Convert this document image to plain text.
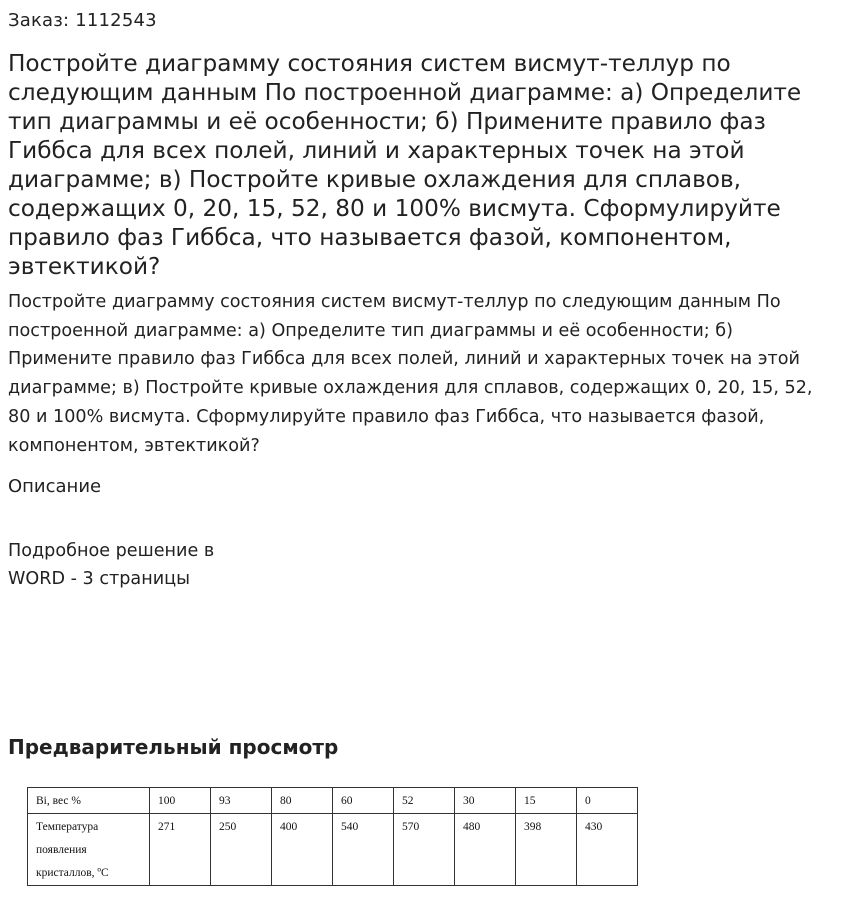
Заказ: 1112543
Постройте диаграмму состояния систем висмут-теллур по следующим данным По построенной диаграмме: а) Определите тип диаграммы и её особенности; б) Примените правило фаз Гиббса для всех полей, линий и характерных точек на этой диаграмме; в) Постройте кривые охлаждения для сплавов, содержащих 0, 20, 15, 52, 80 и 100% висмута. Сформулируйте правило фаз Гиббса, что называется фазой, компонентом, эвтектикой?

Постройте диаграмму состояния систем висмут-теллур по следующим данным По построенной диаграмме: а) Определите тип диаграммы и её особенности; б) Примените правило фаз Гиббса для всех полей, линий и характерных точек на этой диаграмме; в) Постройте кривые охлаждения для сплавов, содержащих 0, 20, 15, 52, 80 и 100% висмута. Сформулируйте правило фаз Гиббса, что называется фазой, компонентом, эвтектикой?

Описание
Подробное решение в
WORD - 3 страницы
Предварительный просмотр
Bi, вес %	100	93	80	60	52	30	15	0

Температура
появления
кристаллов, ºС	271	250	400	540	570	480	398	430
